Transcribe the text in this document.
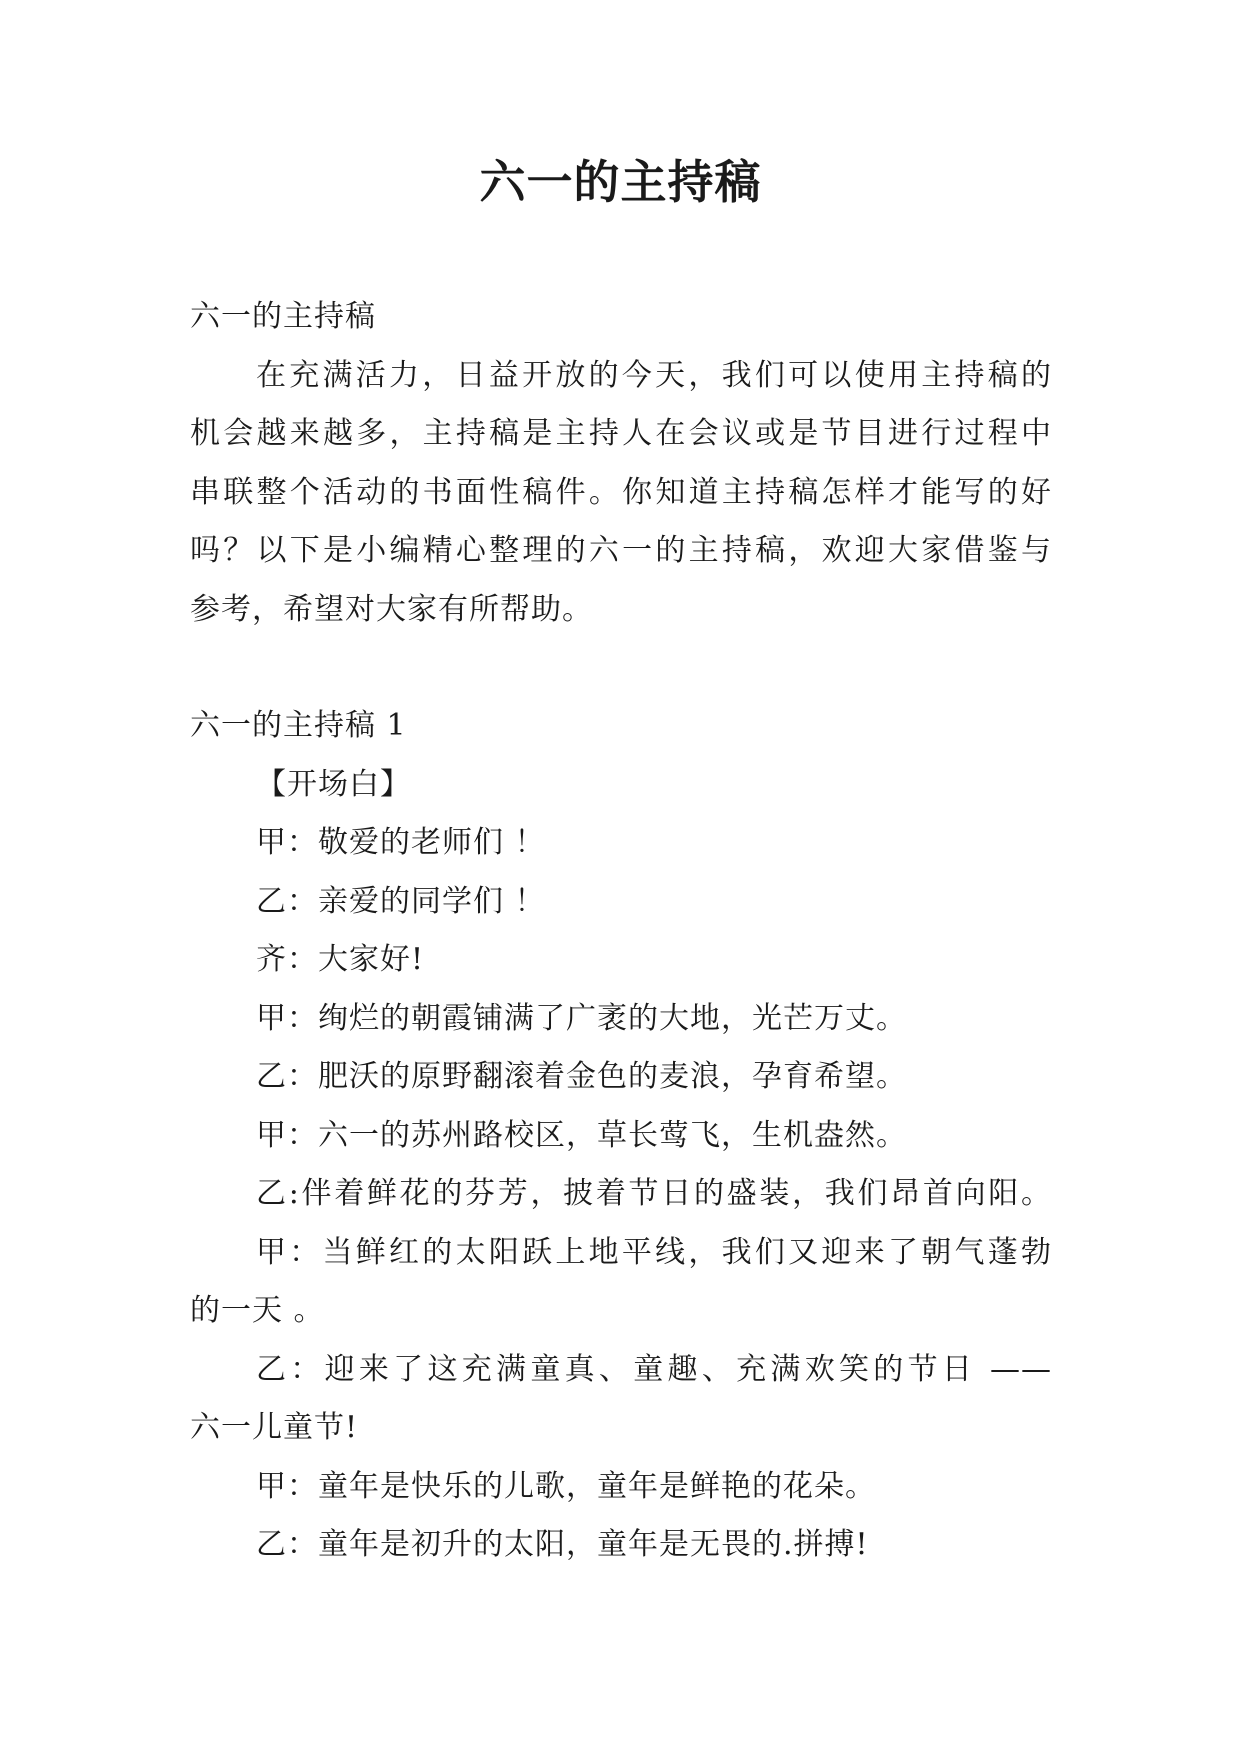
六一的主持稿

六一的主持稿

在充满活力，日益开放的今天，我们可以使用主持稿的

机会越来越多，主持稿是主持人在会议或是节目进行过程中

串联整个活动的书面性稿件。你知道主持稿怎样才能写的好

吗？以下是小编精心整理的六一的主持稿，欢迎大家借鉴与

参考，希望对大家有所帮助。

六一的主持稿 1

【开场白】

甲：敬爱的老师们 ！

乙：亲爱的同学们 ！

齐：大家好!

甲：绚烂的朝霞铺满了广袤的大地，光芒万丈。

乙：肥沃的原野翻滚着金色的麦浪，孕育希望。

甲：六一的苏州路校区，草长莺飞，生机盎然。

乙:伴着鲜花的芬芳，披着节日的盛装，我们昂首向阳。

甲：当鲜红的太阳跃上地平线，我们又迎来了朝气蓬勃

的一天 。

乙：迎来了这充满童真、童趣、充满欢笑的节日 ——

六一儿童节!

甲：童年是快乐的儿歌，童年是鲜艳的花朵。

乙：童年是初升的太阳，童年是无畏的.拼搏!
